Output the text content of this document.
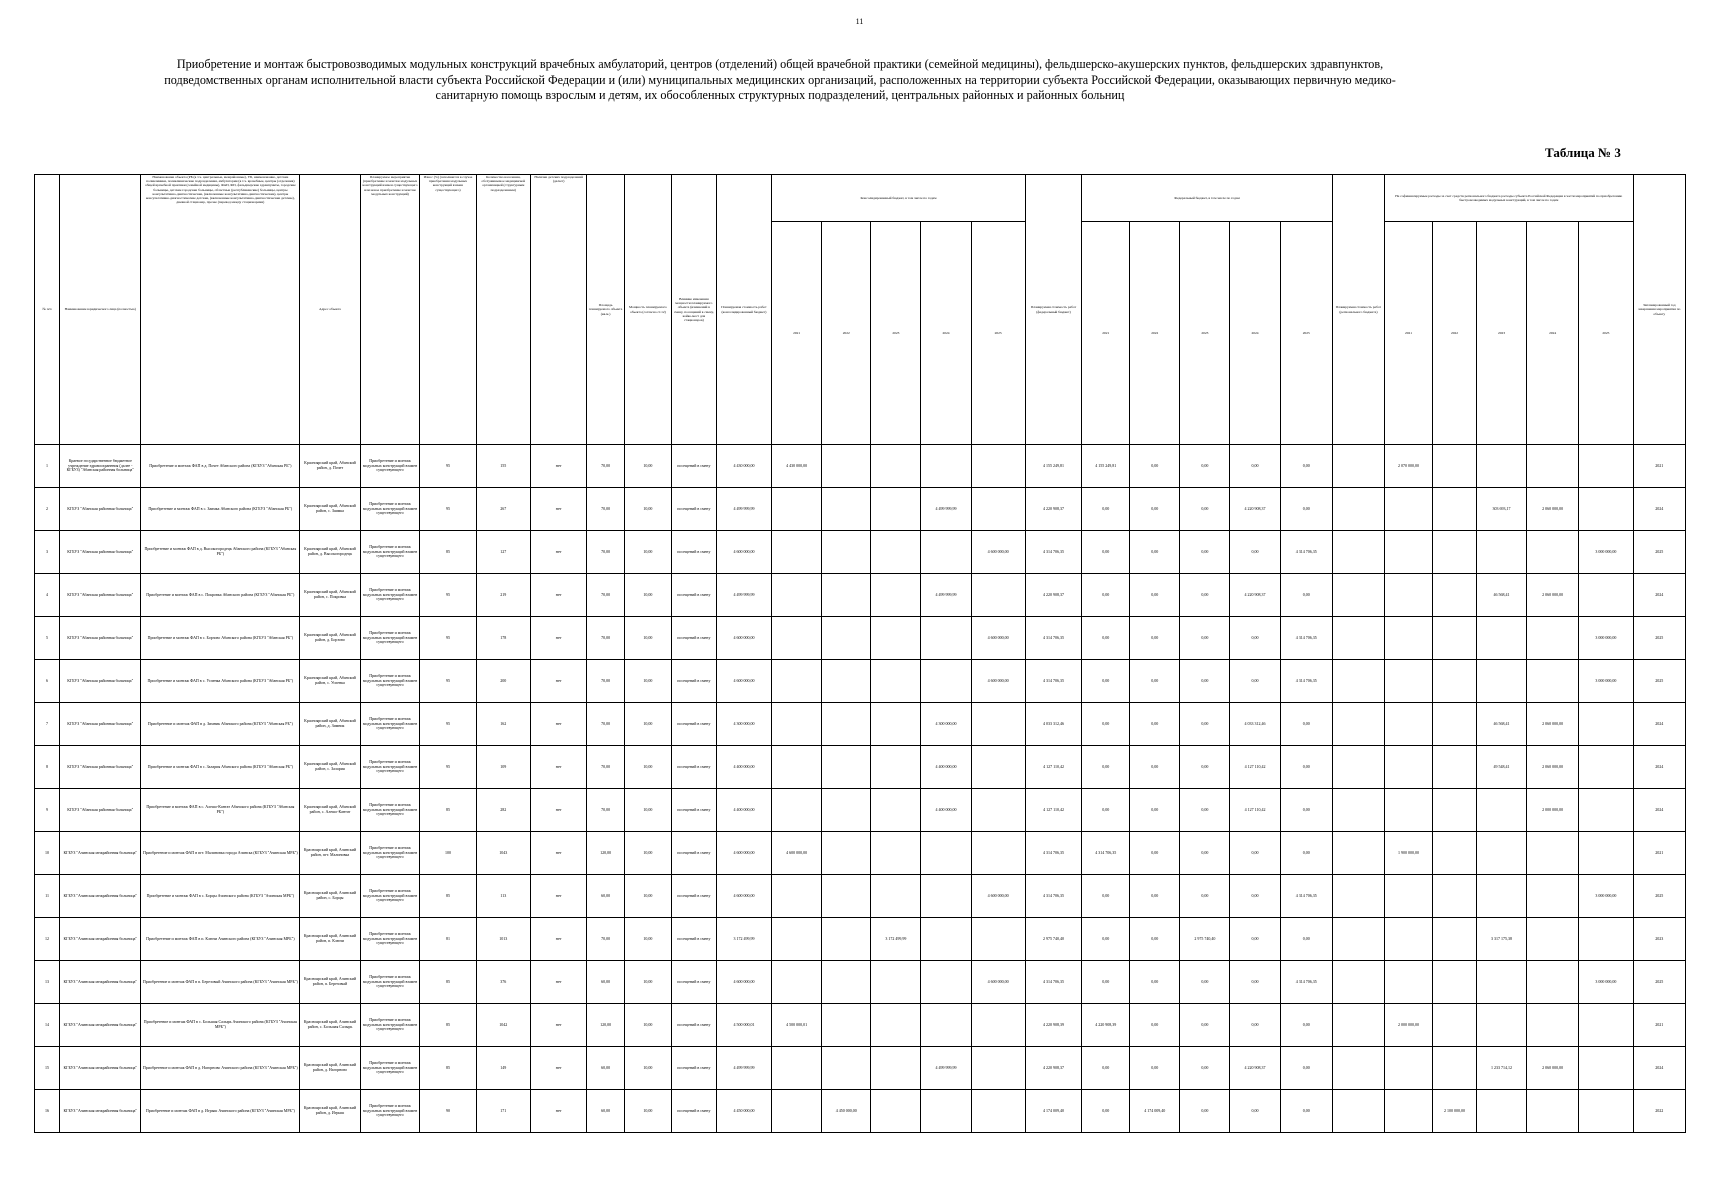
11
Приобретение и монтаж быстровозводимых модульных конструкций врачебных амбулаторий, центров (отделений) общей врачебной практики (семейной медицины), фельдшерско-акушерских пунктов, фельдшерских здравпунктов, подведомственных органам исполнительной власти субъекта Российской Федерации и (или) муниципальных медицинских организаций, расположенных на территории субъекта Российской Федерации, оказывающих первичную медико-санитарную помощь взрослым и детям, их обособленных структурных подразделений, центральных районных и районных больниц
Таблица № 3
№ п/п	Наименование юридического лица (полностью)	Наименование объекта (РБ (в т.ч. центральные, межрайонные), УБ, наименование, детские поликлиники, поликлинические подразделения, амбулатории (в т.ч. врачебные, центры (отделения) общей врачебной практики (семейной медицины), ФАП, ФП, фельдшерские здравпункты, городские больницы, детские городские больницы, областные (республиканские) больницы, центры консультативно-диагностические, (включенные консультативно-диагностические), центры консультативно-диагностические детские, (включенные консультативно-диагностические детские), дневной стационар, прочее (перевод между стационарами)	Адрес объекта	Планируемое мероприятие (приобретение и монтаж модульных конструкций взамен существующего или новое приобретение и монтаж модульных конструкций)	Износ (%) (заполняется в случае приобретения модульных конструкций взамен существующего)	Количество населения, обслуживаемое медицинской организацией (структурным подразделением)	Наличие детских подразделений (да/нет)	Площадь планируемого объекта (кв.м.)	Мощность планируемого объекта (согласно ст.12)	Влияние изменения мощности планируемого объекта (изменений в смену, посещений в смену, койко-мест для стационаров)	Планируемая стоимость работ (консолидированный бюджет)	Консолидированный бюджет, в том числе по годам					Планируемая стоимость работ (федеральный бюджет)	Федеральный бюджет, в том числе по годам					Планируемая стоимость работ (регионального бюджета)	Не софинансируемые расходы за счет средств регионального бюджета расходы субъекта Российской Федерации в части мероприятий по приобретению быстровозводимых модульных конструкций, в том числе по годам					Запланированный год завершения мероприятия по объекту
												2021	2022	2023	2024	2025		2021	2022	2023	2024	2025		2021	2022	2023	2024	2025	
1	Краевое государственное бюджетное учреждение здравоохранения (далее - КГБУЗ) "Абанская районная больница"	Приобретение и монтаж ФАП в д. Почет Абанского района (КГБУЗ "Абанская РБ")	Красноярский край, Абанский район, д. Почет	Приобретение и монтаж модульных конструкций взамен существующего	95	155	нет	70,00	10,00	посещений в смену	4 430 000,00	4 430 000,00					4 155 249,81	4 155 249,81	0,00	0,00	0,00	0,00		2 070 000,00					2021
2	КГБУЗ "Абанская районная больница"	Приобретение и монтаж ФАП в с. Заимка Абанского района (КГБУЗ "Абанская РБ")	Красноярский край, Абанский район, с. Заимка	Приобретение и монтаж модульных конструкций взамен существующего	95	267	нет	70,00	10,00	посещений в смену	4 499 999,99				4 499 999,99		4 220 908,37	0,00	0,00	0,00	4 220 908,37	0,00				303 693,17	2 060 000,00		2024
3	КГБУЗ "Абанская районная больница"	Приобретение и монтаж ФАП в д. Высокогородецк Абанского района (КГБУЗ "Абанская РБ")	Красноярский край, Абанский район, д. Высокогородецк	Приобретение и монтаж модульных конструкций взамен существующего	85	127	нет	70,00	10,00	посещений в смену	4 600 000,00					4 600 000,00	4 314 706,35	0,00	0,00	0,00	0,00	4 314 706,35						3 000 000,00	2025
4	КГБУЗ "Абанская районная больница"	Приобретение и монтаж ФАП в с. Покровка Абанского района (КГБУЗ "Абанская РБ")	Красноярский край, Абанский район, с. Покровка	Приобретение и монтаж модульных конструкций взамен существующего	95	219	нет	70,00	10,00	посещений в смену	4 499 999,99				4 499 999,99		4 220 908,37	0,00	0,00	0,00	4 220 908,37	0,00				46 568,41	2 060 000,00		2024
5	КГБУЗ "Абанская районная больница"	Приобретение и монтаж ФАП в с. Борзово Абанского района (КГБУЗ "Абанская РБ")	Красноярский край, Абанский район, д. Борзово	Приобретение и монтаж модульных конструкций взамен существующего	95	178	нет	70,00	10,00	посещений в смену	4 600 000,00					4 600 000,00	4 314 706,35	0,00	0,00	0,00	0,00	4 314 706,35						3 000 000,00	2025
6	КГБУЗ "Абанская районная больница"	Приобретение и монтаж ФАП в с. Успенка Абанского района (КГБУЗ "Абанская РБ")	Красноярский край, Абанский район, с. Успенка	Приобретение и монтаж модульных конструкций взамен существующего	95	200	нет	70,00	10,00	посещений в смену	4 600 000,00					4 600 000,00	4 314 706,35	0,00	0,00	0,00	0,00	4 314 706,35						3 000 000,00	2025
7	КГБУЗ "Абанская районная больница"	Приобретение и монтаж ФАП в д. Зимник Абанского района (КГБУЗ "Абанская РБ")	Красноярский край, Абанский район, д. Зимник	Приобретение и монтаж модульных конструкций взамен существующего	95	162	нет	70,00	10,00	посещений в смену	4 300 000,00				4 300 000,00		4 033 312,46	0,00	0,00	0,00	4 033 312,46	0,00				46 568,41	2 060 000,00		2024
8	КГБУЗ "Абанская районная больница"	Приобретение и монтаж ФАП в с. Залария Абанского района (КГБУЗ "Абанская РБ")	Красноярский край, Абанский район, с. Залария	Приобретение и монтаж модульных конструкций взамен существующего	95	109	нет	70,00	10,00	посещений в смену	4 400 000,00				4 400 000,00		4 127 110,42	0,00	0,00	0,00	4 127 110,42	0,00				49 548,41	2 060 000,00		2024
9	КГБУЗ "Абанская районная больница"	Приобретение и монтаж ФАП в с. Алешо-Кантат Абанского района (КГБУЗ "Абанская РБ")	Красноярский край, Абанский район, с. Алешо-Кантат	Приобретение и монтаж модульных конструкций взамен существующего	85	282	нет	70,00	10,00	посещений в смену	4 400 000,00				4 400 000,00		4 127 110,42	0,00	0,00	0,00	4 127 110,42	0,00					2 000 000,00		2024
10	КГБУЗ "Ачинская межрайонная больница"	Приобретение и монтаж ФАП в пгт. Малиновка города Ачинска (КГБУЗ "Ачинская МРБ")	Красноярский край, Ачинский район, пгт. Малиновка	Приобретение и монтаж модульных конструкций взамен существующего	100	1043	нет	120,00	10,00	посещений в смену	4 600 000,00	4 600 000,00					4 314 706,35	4 314 706,35	0,00	0,00	0,00	0,00		1 900 000,00					2021
11	КГБУЗ "Ачинская межрайонная больница"	Приобретение и монтаж ФАП в с. Борцы Ачинского района (КГБУЗ "Ачинская МРБ")	Красноярский край, Ачинский район, с. Борцы	Приобретение и монтаж модульных конструкций взамен существующего	85	113	нет	60,00	10,00	посещений в смену	4 600 000,00					4 600 000,00	4 314 706,35	0,00	0,00	0,00	0,00	4 314 706,35						3 000 000,00	2025
12	КГБУЗ "Ачинская межрайонная больница"	Приобретение и монтаж ФАП в п. Ключи Ачинского района (КГБУЗ "Ачинская МРБ")	Красноярский край, Ачинский район, п. Ключи	Приобретение и монтаж модульных конструкций взамен существующего	81	1013	нет	70,00	10,00	посещений в смену	3 172 499,99			3 172 499,99			2 975 740,40	0,00	0,00	2 975 740,40	0,00	0,00				3 317 175,38			2023
13	КГБУЗ "Ачинская межрайонная больница"	Приобретение и монтаж ФАП в п. Березовый Ачинского района (КГБУЗ "Ачинская МРБ")	Красноярский край, Ачинский район, п. Березовый	Приобретение и монтаж модульных конструкций взамен существующего	85	376	нет	60,00	10,00	посещений в смену	4 600 000,00					4 600 000,00	4 314 706,35	0,00	0,00	0,00	0,00	4 314 706,35						3 000 000,00	2025
14	КГБУЗ "Ачинская межрайонная больница"	Приобретение и монтаж ФАП в с. Большая Салырь Ачинского района (КГБУЗ "Ачинская МРБ")	Красноярский край, Ачинский район, с. Большая Салырь	Приобретение и монтаж модульных конструкций взамен существующего	85	1042	нет	120,00	10,00	посещений в смену	4 500 000,01	4 500 000,01					4 220 908,39	4 220 908,39	0,00	0,00	0,00	0,00		2 000 000,00					2021
15	КГБУЗ "Ачинская межрайонная больница"	Приобретение и монтаж ФАП в д. Нагорново Ачинского района (КГБУЗ "Ачинская МРБ")	Красноярский край, Ачинский район, д. Нагорново	Приобретение и монтаж модульных конструкций взамен существующего	85	149	нет	60,00	10,00	посещений в смену	4 499 999,99				4 499 999,99		4 220 908,37	0,00	0,00	0,00	4 220 908,37	0,00				1 233 714,12	2 060 000,00		2024
16	КГБУЗ "Ачинская межрайонная больница"	Приобретение и монтаж ФАП в д. Игрыш Ачинского района (КГБУЗ "Ачинская МРБ")	Красноярский край, Ачинский район, д. Игрыш	Приобретение и монтаж модульных конструкций взамен существующего	90	171	нет	60,00	10,00	посещений в смену	4 450 000,00		4 450 000,00				4 174 009,40	0,00	4 174 009,40	0,00	0,00	0,00			2 100 000,00				2022
